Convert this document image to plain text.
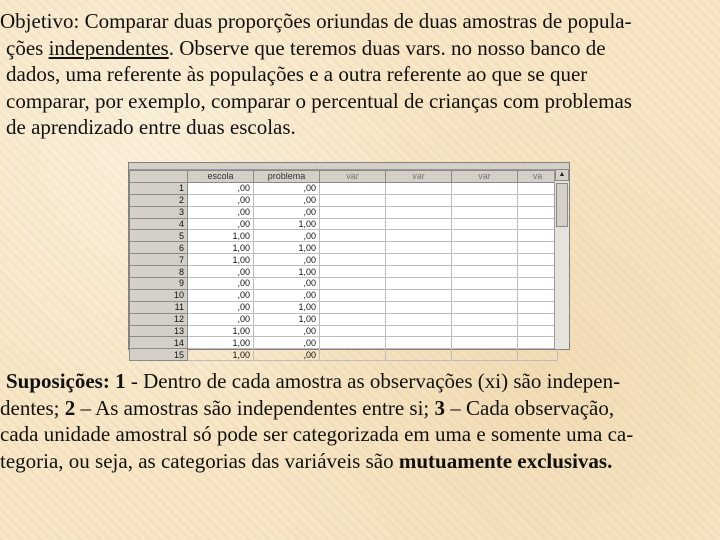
Objetivo: Comparar duas proporções oriundas de duas amostras de popula-
ções independentes. Observe que teremos duas vars. no nosso banco de
dados, uma referente às populações e a outra referente ao que se quer
comparar, por exemplo, comparar o percentual de crianças com problemas
de aprendizado entre duas escolas.
	escola	problema	var	var	var	va
1	,00	,00				
2	,00	,00				
3	,00	,00				
4	,00	1,00				
5	1,00	,00				
6	1,00	1,00				
7	1,00	,00				
8	,00	1,00				
9	,00	,00				
10	,00	,00				
11	,00	1,00				
12	,00	1,00				
13	1,00	,00				
14	1,00	,00				
15	1,00	,00				
▲
Suposições: 1 - Dentro de cada amostra as observações (xi) são indepen-
dentes; 2 – As amostras são independentes entre si; 3 – Cada observação,
cada unidade amostral só pode ser categorizada em uma e somente uma ca-
tegoria, ou seja, as categorias das variáveis são mutuamente exclusivas.
